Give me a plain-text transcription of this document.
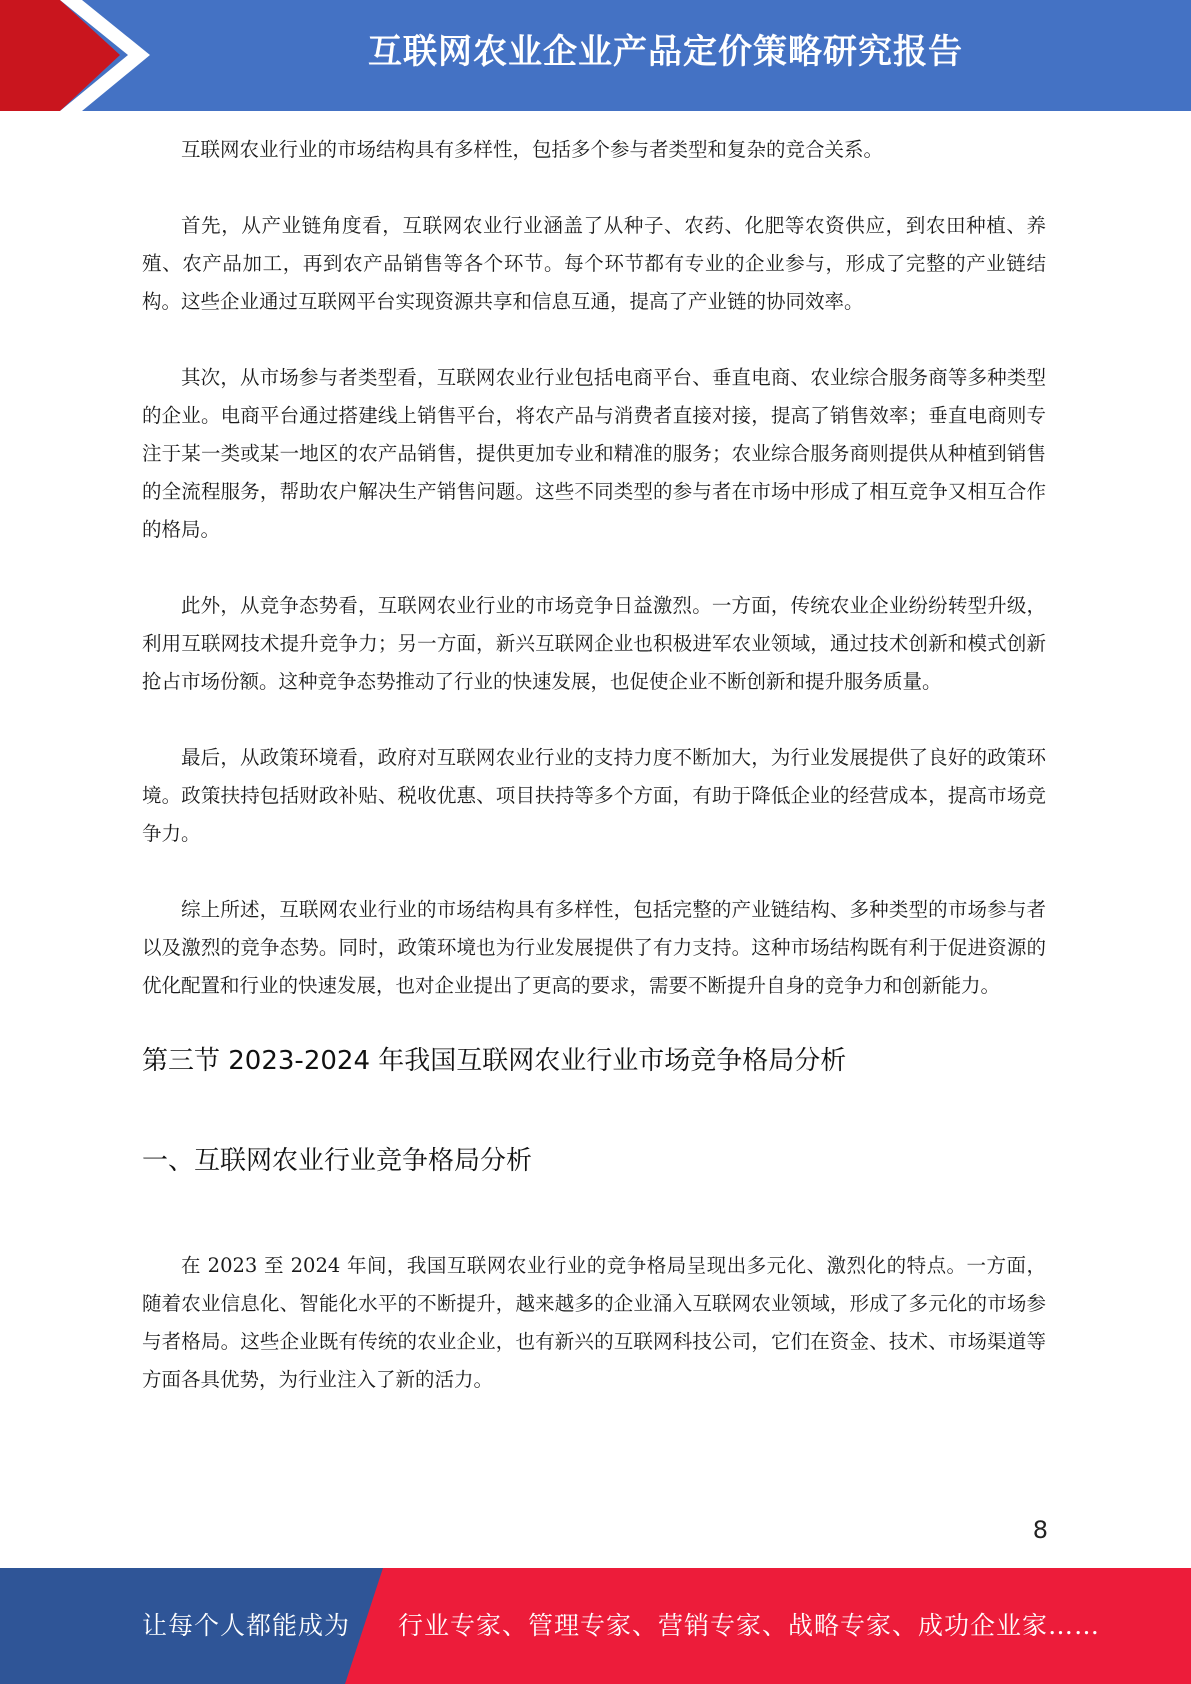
互联网农业企业产品定价策略研究报告

互联网农业行业的市场结构具有多样性，包括多个参与者类型和复杂的竞合关系。

首先，从产业链角度看，互联网农业行业涵盖了从种子、农药、化肥等农资供应，到农田种植、养殖、农产品加工，再到农产品销售等各个环节。每个环节都有专业的企业参与，形成了完整的产业链结构。这些企业通过互联网平台实现资源共享和信息互通，提高了产业链的协同效率。

其次，从市场参与者类型看，互联网农业行业包括电商平台、垂直电商、农业综合服务商等多种类型的企业。电商平台通过搭建线上销售平台，将农产品与消费者直接对接，提高了销售效率；垂直电商则专注于某一类或某一地区的农产品销售，提供更加专业和精准的服务；农业综合服务商则提供从种植到销售的全流程服务，帮助农户解决生产销售问题。这些不同类型的参与者在市场中形成了相互竞争又相互合作的格局。

此外，从竞争态势看，互联网农业行业的市场竞争日益激烈。一方面，传统农业企业纷纷转型升级，利用互联网技术提升竞争力；另一方面，新兴互联网企业也积极进军农业领域，通过技术创新和模式创新抢占市场份额。这种竞争态势推动了行业的快速发展，也促使企业不断创新和提升服务质量。

最后，从政策环境看，政府对互联网农业行业的支持力度不断加大，为行业发展提供了良好的政策环境。政策扶持包括财政补贴、税收优惠、项目扶持等多个方面，有助于降低企业的经营成本，提高市场竞争力。

综上所述，互联网农业行业的市场结构具有多样性，包括完整的产业链结构、多种类型的市场参与者以及激烈的竞争态势。同时，政策环境也为行业发展提供了有力支持。这种市场结构既有利于促进资源的优化配置和行业的快速发展，也对企业提出了更高的要求，需要不断提升自身的竞争力和创新能力。

第三节 2023-2024 年我国互联网农业行业市场竞争格局分析
一、互联网农业行业竞争格局分析

在 2023 至 2024 年间，我国互联网农业行业的竞争格局呈现出多元化、激烈化的特点。一方面，随着农业信息化、智能化水平的不断提升，越来越多的企业涌入互联网农业领域，形成了多元化的市场参与者格局。这些企业既有传统的农业企业，也有新兴的互联网科技公司，它们在资金、技术、市场渠道等方面各具优势，为行业注入了新的活力。

8
让每个人都能成为 行业专家、管理专家、营销专家、战略专家、成功企业家……
